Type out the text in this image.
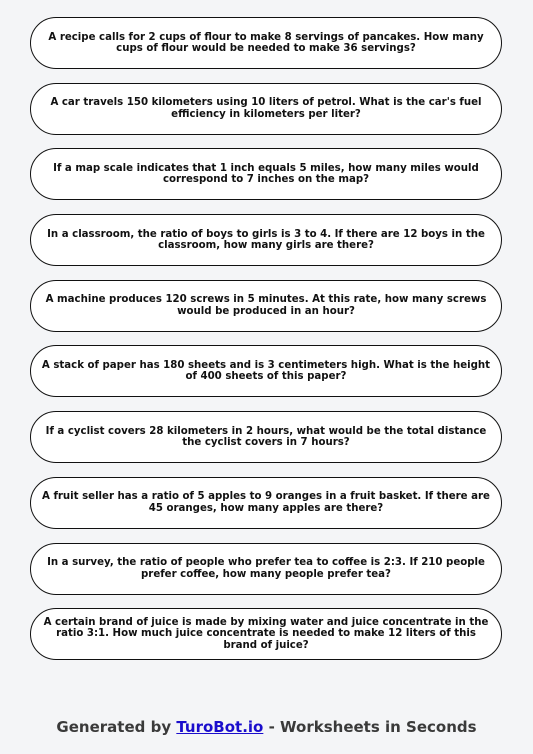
A recipe calls for 2 cups of flour to make 8 servings of pancakes. How many cups of flour would be needed to make 36 servings?

A car travels 150 kilometers using 10 liters of petrol. What is the car's fuel efficiency in kilometers per liter?

If a map scale indicates that 1 inch equals 5 miles, how many miles would correspond to 7 inches on the map?

In a classroom, the ratio of boys to girls is 3 to 4. If there are 12 boys in the classroom, how many girls are there?

A machine produces 120 screws in 5 minutes. At this rate, how many screws would be produced in an hour?

A stack of paper has 180 sheets and is 3 centimeters high. What is the height of 400 sheets of this paper?

If a cyclist covers 28 kilometers in 2 hours, what would be the total distance the cyclist covers in 7 hours?

A fruit seller has a ratio of 5 apples to 9 oranges in a fruit basket. If there are 45 oranges, how many apples are there?

In a survey, the ratio of people who prefer tea to coffee is 2:3. If 210 people prefer coffee, how many people prefer tea?

A certain brand of juice is made by mixing water and juice concentrate in the ratio 3:1. How much juice concentrate is needed to make 12 liters of this brand of juice?

Generated by TuroBot.io - Worksheets in Seconds
